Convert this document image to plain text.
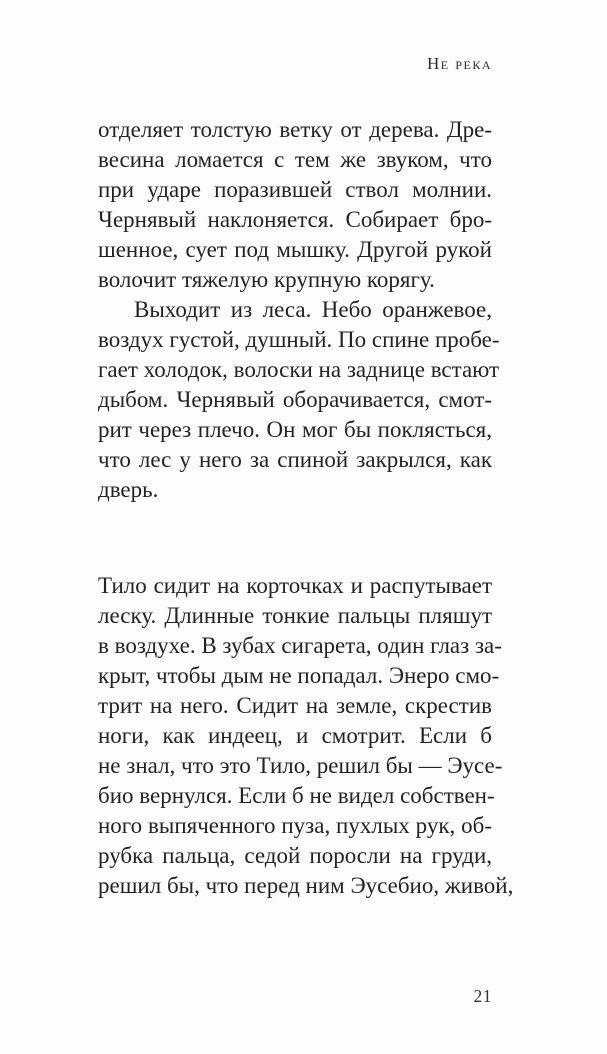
Не река
отделяет толстую ветку от дерева. Дре-
весина ломается с тем же звуком, что
при ударе поразившей ствол молнии.
Чернявый наклоняется. Собирает бро-
шенное, сует под мышку. Другой рукой
волочит тяжелую крупную корягу.
Выходит из леса. Небо оранжевое,
воздух густой, душный. По спине пробе-
гает холодок, волоски на заднице встают
дыбом. Чернявый оборачивается, смот-
рит через плечо. Он мог бы поклясться,
что лес у него за спиной закрылся, как
дверь.
Тило сидит на корточках и распутывает
леску. Длинные тонкие пальцы пляшут
в воздухе. В зубах сигарета, один глаз за-
крыт, чтобы дым не попадал. Энеро смо-
трит на него. Сидит на земле, скрестив
ноги, как индеец, и смотрит. Если б
не знал, что это Тило, решил бы — Эусе-
био вернулся. Если б не видел собствен-
ного выпяченного пуза, пухлых рук, об-
рубка пальца, седой поросли на груди,
решил бы, что перед ним Эусебио, живой,
21
